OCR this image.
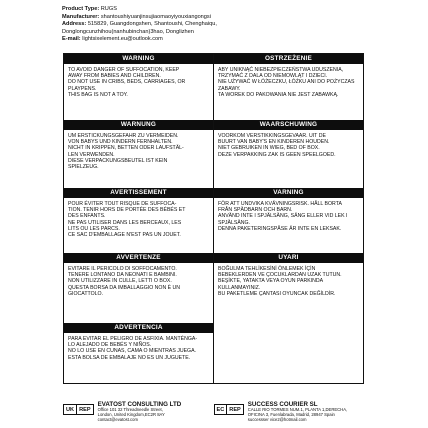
Product Type: RUGS
Manufacturer: shantoushiyuanjinsujiaomaoyiyouxiangongsi
Address: 515829, Guangdongshen, Shantoushi, Chenghaiqu,
Donglongcunzhihou(nanhubinchan)3hao, Donglizhen
E-mail: lightsixelement.eu@outlook.com
WARNING
TO AVOID DANGER OF SUFFOCATION, KEEP
AWAY FROM BABIES AND CHILDREN.
DO NOT USE IN CRIBS, BEDS, CARRIAGES, OR
PLAYPENS.
THIS BAG IS NOT A TOY.
OSTRZEŻENIE
ABY UNIKNĄĆ NIEBEZPIECZEŃSTWA UDUSZENIA,
TRZYMAĆ Z DALA OD NIEMOWLĄT I DZIECI.
NIE UŻYWAĆ W ŁÓŻECZKU, ŁÓŻKU ANI DO POŻYCZAS
ZABAWY.
TA WOREK DO PAKOWANIA NIE JEST ZABAWKĄ.
WARNUNG
UM ERSTICKUNGSGEFAHR ZU VERMEIDEN.
VON BABYS UND KINDERN FERNHALTEN.
NICHT IN KRIPPEN, BETTEN ODER LAUFSTÄL-
LEN VERWENDEN.
DIESE VERPACKUNGSBEUTEL IST KEIN
SPIELZEUG.
WAARSCHUWING
VOORKOM VERSTIKKINGSGEVAAR. UIT DE
BUURT VAN BABY'S EN KINDEREN HOUDEN.
NIET GEBRUIKEN IN WIEG, BED OF BOX.
DEZE VERPAKKING ZAK IS GEEN SPEELGOED.
AVERTISSEMENT
POUR ÉVITER TOUT RISQUE DE SUFFOCA-
TION. TENIR HORS DE PORTÉE DES BÉBÉS ET
DES ENFANTS.
NE PAS UTILISER DANS LES BERCEAUX, LES
LITS OU LES PARCS.
CE SAC D'EMBALLAGE N'EST PAS UN JOUET.
VARNING
FÖR ATT UNDVIKA KVÄVNINGSRISK. HÅLL BORTA
FRÅN SPÄDBARN OCH BARN.
ANVÄND INTE I SPJÄLSÄNG, SÄNG ELLER VID LEK I
SPJÄLSÄNG.
DENNA PAKETERINGSPÅSE ÄR INTE EN LEKSAK.
AVVERTENZE
EVITARE IL PERICOLO DI SOFFOCAMENTO.
TENERE LONTANO DA NEONATI E BAMBINI.
NON UTILIZZARE IN CULLE, LETTI O BOX.
QUESTA BORSA DA IMBALLAGGIO NON È UN
GIOCATTOLO.
UYARI
BOĞULMA TEHLİKESİNİ ÖNLEMEK İÇİN
BEBEKLERDEN VE ÇOCUKLARDAN UZAK TUTUN.
BEŞİKTE, YATAKTA VEYA OYUN PARKINDA
KULLANMAYINIZ.
BU PAKETLEME ÇANTASI OYUNCAK DEĞİLDİR.
ADVERTENCIA
PARA EVITAR EL PELIGRO DE ASFIXIA. MANTÉNGA-
LO ALEJADO DE BEBÉS Y NIÑOS.
NO LO USE EN CUNAS, CAMA O MIENTRAS JUEGA.
ESTA BOLSA DE EMBALAJE NO ES UN JUGUETE.
UK REP
EVATOST CONSULTING LTD
Office 101 32 Threadneedle Street,
London, United Kingdom,EC2R 8AY
contact@evatost.com
EC REP
SUCCESS COURIER SL
CALLE RIO TORMES NUM.1, PLANTA 1,DERECHA,
OFICINA 3, Fuenlabrada, Madrid, 28947 Spain
successser vice2@hotmail.com
